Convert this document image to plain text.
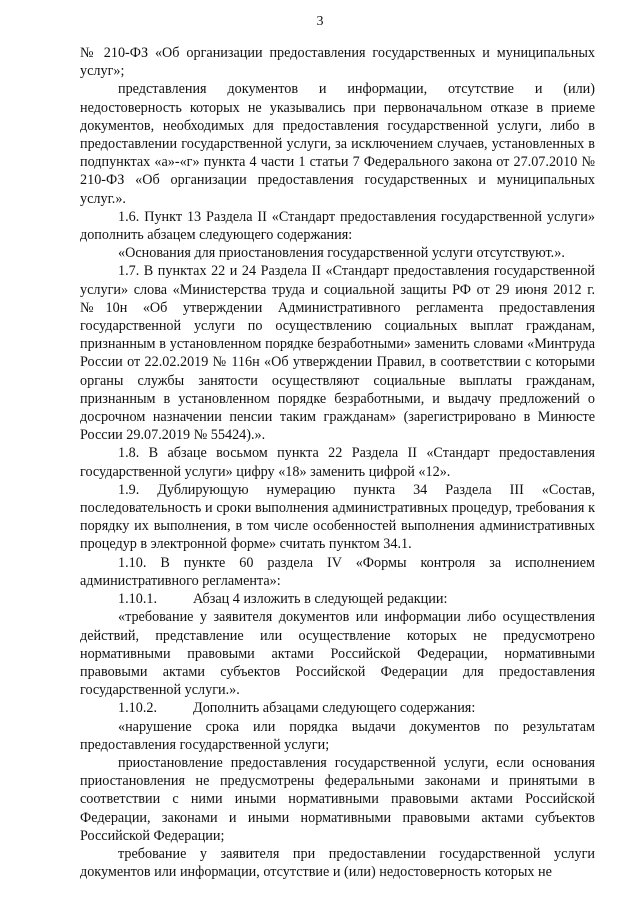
3

№ 210-ФЗ «Об организации предоставления государственных и муниципальных услуг»;

представления документов и информации, отсутствие и (или) недостоверность которых не указывались при первоначальном отказе в приеме документов, необходимых для предоставления государственной услуги, либо в предоставлении государственной услуги, за исключением случаев, установленных в подпунктах «а»-«г» пункта 4 части 1 статьи 7 Федерального закона от 27.07.2010 № 210-ФЗ «Об организации предоставления государственных и муниципальных услуг.».

1.6. Пункт 13 Раздела II «Стандарт предоставления государственной услуги» дополнить абзацем следующего содержания:

«Основания для приостановления государственной услуги отсутствуют.».

1.7. В пунктах 22 и 24 Раздела II «Стандарт предоставления государственной услуги» слова «Министерства труда и социальной защиты РФ от 29 июня 2012 г. №10н «Об утверждении Административного регламента предоставления государственной услуги по осуществлению социальных выплат гражданам, признанным в установленном порядке безработными» заменить словами «Минтруда России от 22.02.2019 № 116н «Об утверждении Правил, в соответствии с которыми органы службы занятости осуществляют социальные выплаты гражданам, признанным в установленном порядке безработными, и выдачу предложений о досрочном назначении пенсии таким гражданам» (зарегистрировано в Минюсте России 29.07.2019 № 55424).».

1.8. В абзаце восьмом пункта 22 Раздела II «Стандарт предоставления государственной услуги» цифру «18» заменить цифрой «12».

1.9. Дублирующую нумерацию пункта 34 Раздела III «Состав, последовательность и сроки выполнения административных процедур, требования к порядку их выполнения, в том числе особенностей выполнения административных процедур в электронной форме» считать пунктом 34.1.

1.10. В пункте 60 раздела IV «Формы контроля за исполнением административного регламента»:

1.10.1.	Абзац 4 изложить в следующей редакции:

«требование у заявителя документов или информации либо осуществления действий, представление или осуществление которых не предусмотрено нормативными правовыми актами Российской Федерации, нормативными правовыми актами субъектов Российской Федерации для предоставления государственной услуги.».

1.10.2.	Дополнить абзацами следующего содержания:

«нарушение срока или порядка выдачи документов по результатам предоставления государственной услуги;

приостановление предоставления государственной услуги, если основания приостановления не предусмотрены федеральными законами и принятыми в соответствии с ними иными нормативными правовыми актами Российской Федерации, законами и иными нормативными правовыми актами субъектов Российской Федерации;

требование у заявителя при предоставлении государственной услуги документов или информации, отсутствие и (или) недостоверность которых не
